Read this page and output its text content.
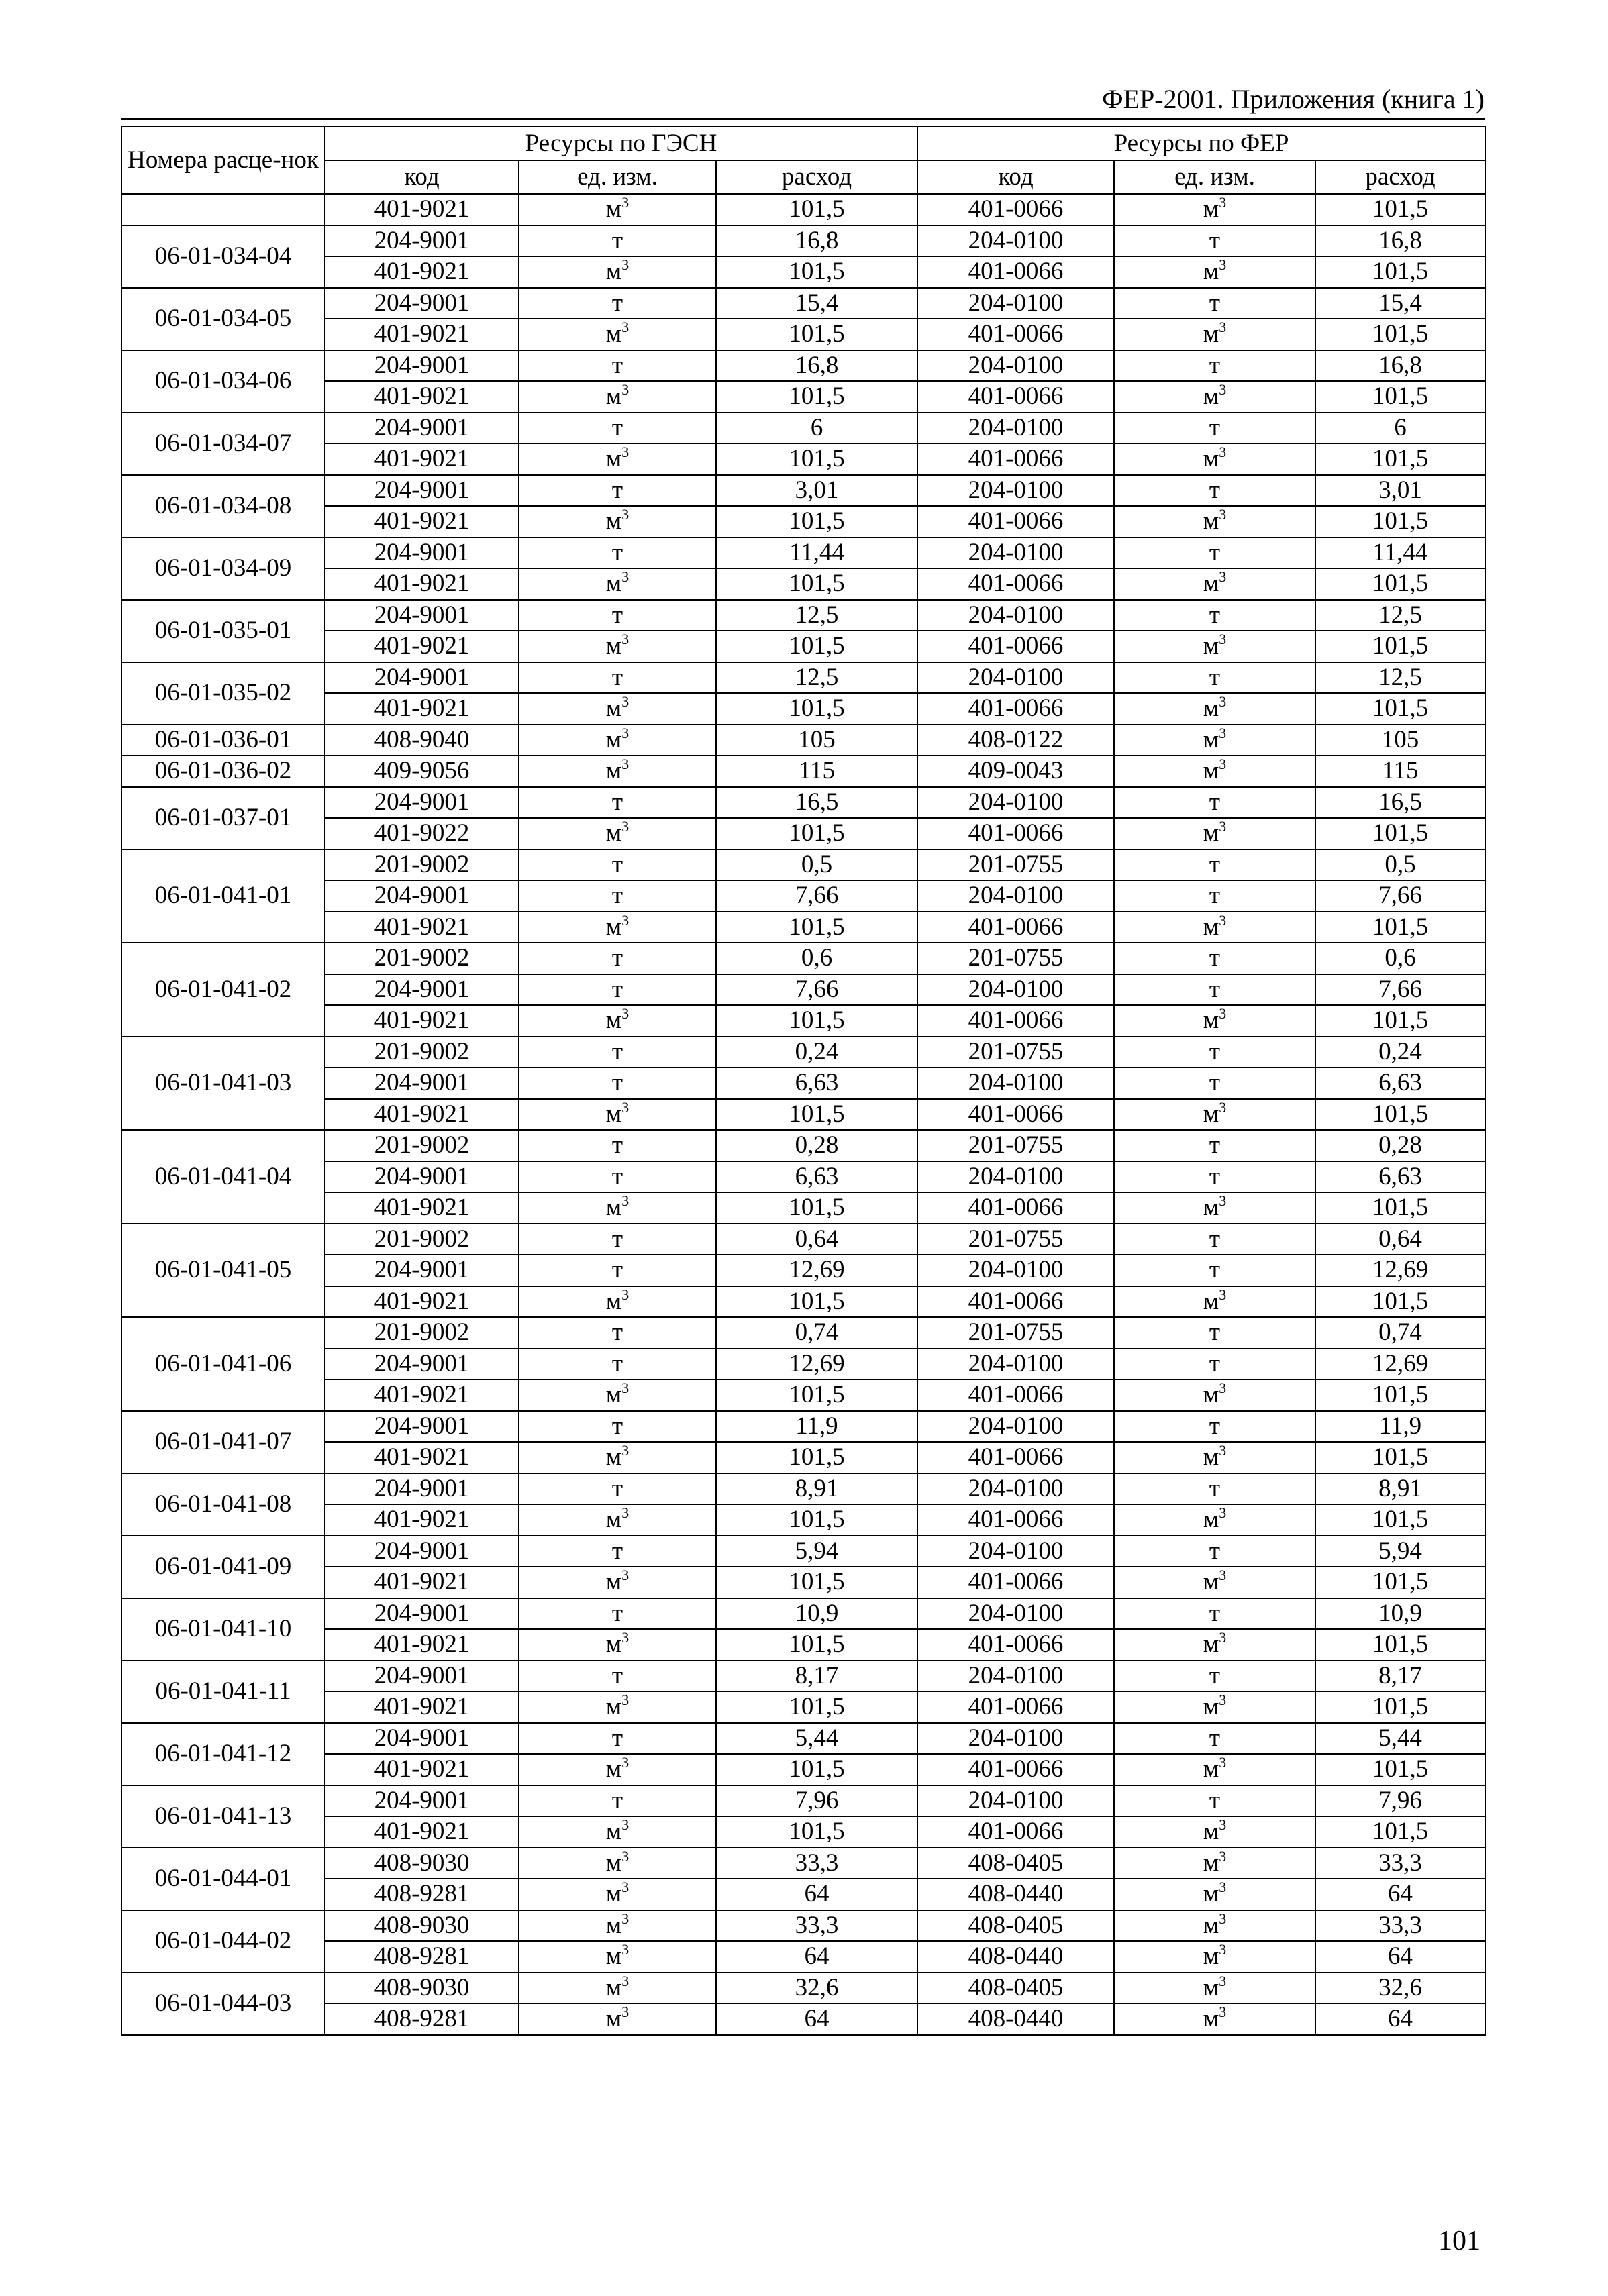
ФЕР-2001. Приложения (книга 1)
Номера расце-нок	Ресурсы по ГЭСН			Ресурсы по ФЕР		
	код	ед. изм.	расход	код	ед. изм.	расход
	401-9021	$м^3$	101,5	401-0066	$м^3$	101,5
06-01-034-04	204-9001	т	16,8	204-0100	т	16,8
	401-9021	$м^3$	101,5	401-0066	$м^3$	101,5
06-01-034-05	204-9001	т	15,4	204-0100	т	15,4
	401-9021	$м^3$	101,5	401-0066	$м^3$	101,5
06-01-034-06	204-9001	т	16,8	204-0100	т	16,8
	401-9021	$м^3$	101,5	401-0066	$м^3$	101,5
06-01-034-07	204-9001	т	6	204-0100	т	6
	401-9021	$м^3$	101,5	401-0066	$м^3$	101,5
06-01-034-08	204-9001	т	3,01	204-0100	т	3,01
	401-9021	$м^3$	101,5	401-0066	$м^3$	101,5
06-01-034-09	204-9001	т	11,44	204-0100	т	11,44
	401-9021	$м^3$	101,5	401-0066	$м^3$	101,5
06-01-035-01	204-9001	т	12,5	204-0100	т	12,5
	401-9021	$м^3$	101,5	401-0066	$м^3$	101,5
06-01-035-02	204-9001	т	12,5	204-0100	т	12,5
	401-9021	$м^3$	101,5	401-0066	$м^3$	101,5
06-01-036-01	408-9040	$м^3$	105	408-0122	$м^3$	105
06-01-036-02	409-9056	$м^3$	115	409-0043	$м^3$	115
06-01-037-01	204-9001	т	16,5	204-0100	т	16,5
	401-9022	$м^3$	101,5	401-0066	$м^3$	101,5
06-01-041-01	201-9002	т	0,5	201-0755	т	0,5
	204-9001	т	7,66	204-0100	т	7,66
	401-9021	$м^3$	101,5	401-0066	$м^3$	101,5
06-01-041-02	201-9002	т	0,6	201-0755	т	0,6
	204-9001	т	7,66	204-0100	т	7,66
	401-9021	$м^3$	101,5	401-0066	$м^3$	101,5
06-01-041-03	201-9002	т	0,24	201-0755	т	0,24
	204-9001	т	6,63	204-0100	т	6,63
	401-9021	$м^3$	101,5	401-0066	$м^3$	101,5
06-01-041-04	201-9002	т	0,28	201-0755	т	0,28
	204-9001	т	6,63	204-0100	т	6,63
	401-9021	$м^3$	101,5	401-0066	$м^3$	101,5
06-01-041-05	201-9002	т	0,64	201-0755	т	0,64
	204-9001	т	12,69	204-0100	т	12,69
	401-9021	$м^3$	101,5	401-0066	$м^3$	101,5
06-01-041-06	201-9002	т	0,74	201-0755	т	0,74
	204-9001	т	12,69	204-0100	т	12,69
	401-9021	$м^3$	101,5	401-0066	$м^3$	101,5
06-01-041-07	204-9001	т	11,9	204-0100	т	11,9
	401-9021	$м^3$	101,5	401-0066	$м^3$	101,5
06-01-041-08	204-9001	т	8,91	204-0100	т	8,91
	401-9021	$м^3$	101,5	401-0066	$м^3$	101,5
06-01-041-09	204-9001	т	5,94	204-0100	т	5,94
	401-9021	$м^3$	101,5	401-0066	$м^3$	101,5
06-01-041-10	204-9001	т	10,9	204-0100	т	10,9
	401-9021	$м^3$	101,5	401-0066	$м^3$	101,5
06-01-041-11	204-9001	т	8,17	204-0100	т	8,17
	401-9021	$м^3$	101,5	401-0066	$м^3$	101,5
06-01-041-12	204-9001	т	5,44	204-0100	т	5,44
	401-9021	$м^3$	101,5	401-0066	$м^3$	101,5
06-01-041-13	204-9001	т	7,96	204-0100	т	7,96
	401-9021	$м^3$	101,5	401-0066	$м^3$	101,5
06-01-044-01	408-9030	$м^3$	33,3	408-0405	$м^3$	33,3
	408-9281	$м^3$	64	408-0440	$м^3$	64
06-01-044-02	408-9030	$м^3$	33,3	408-0405	$м^3$	33,3
	408-9281	$м^3$	64	408-0440	$м^3$	64
06-01-044-03	408-9030	$м^3$	32,6	408-0405	$м^3$	32,6
	408-9281	$м^3$	64	408-0440	$м^3$	64
101
